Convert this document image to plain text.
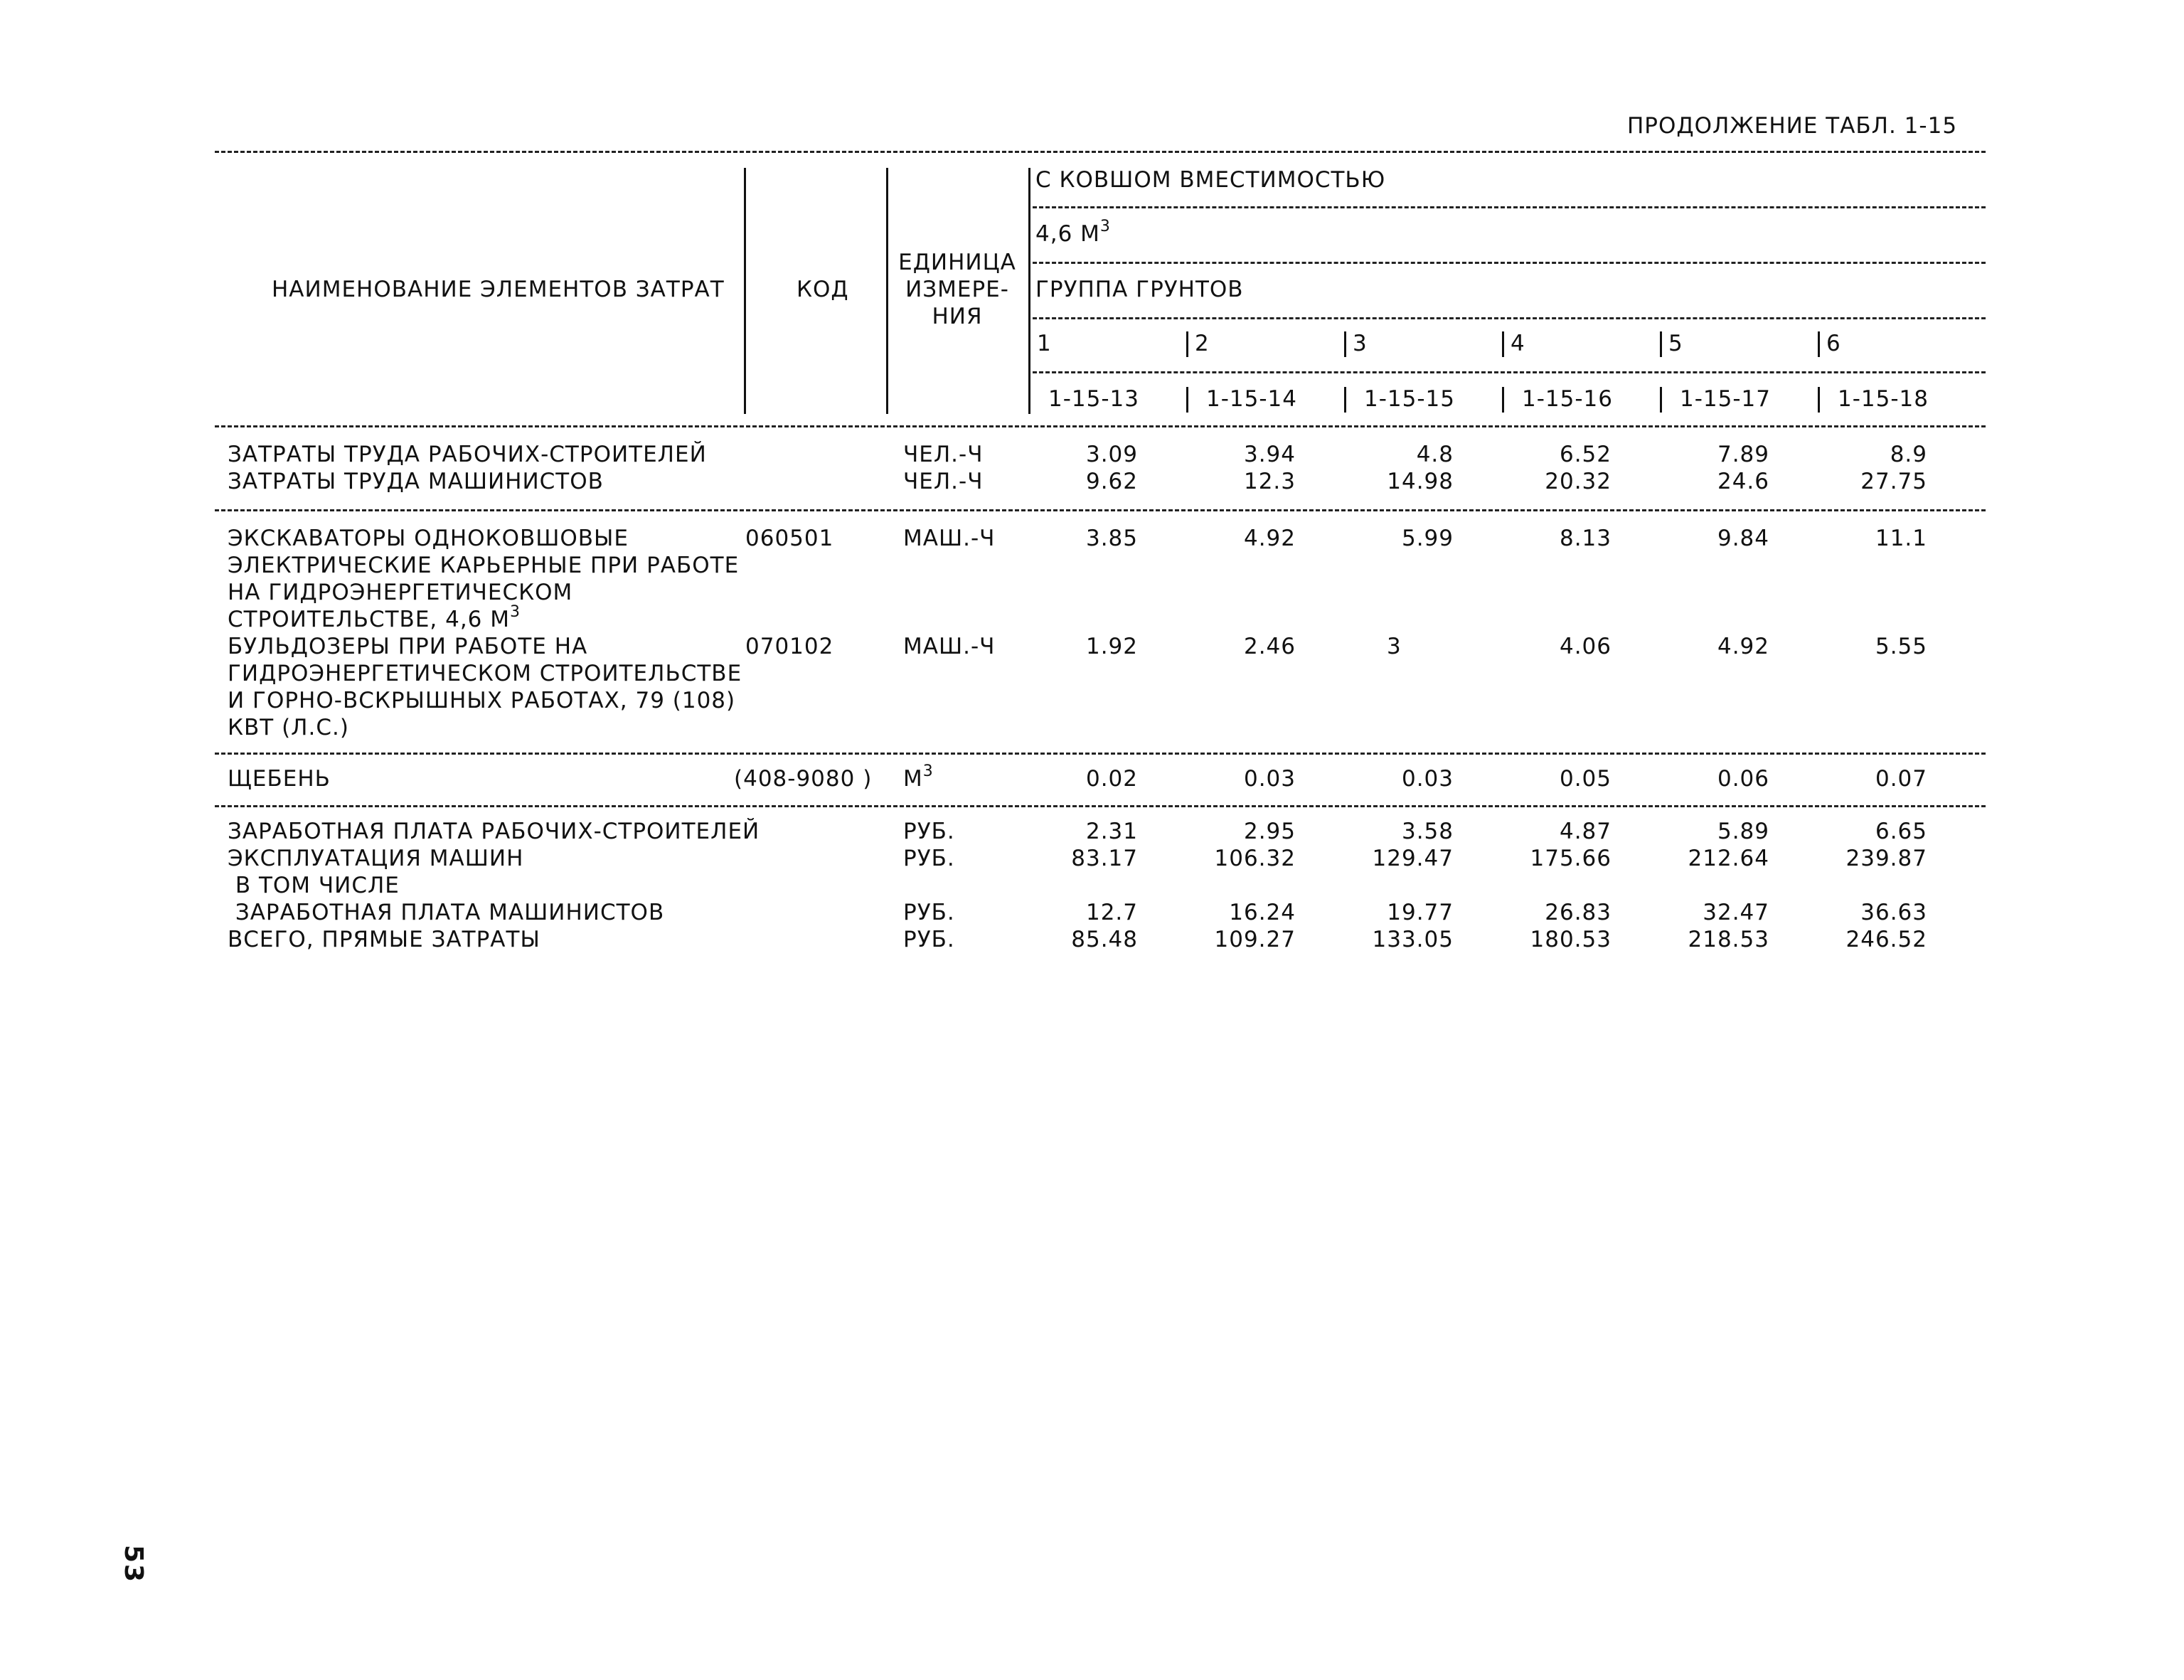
ПРОДОЛЖЕНИЕ ТАБЛ. 1-15
НАИМЕНОВАНИЕ ЭЛЕМЕНТОВ ЗАТРАТ	КОД
ЕДИНИЦА
ИЗМЕРЕ-
НИЯ
С КОВШОМ ВМЕСТИМОСТЬЮ
4,6 $М^3$
ГРУППА ГРУНТОВ
1	2	3	4	5	6
1-15-13	1-15-14	1-15-15	1-15-16	1-15-17	1-15-18
ЗАТРАТЫ ТРУДА РАБОЧИХ-СТРОИТЕЛЕЙ	ЧЕЛ.-Ч	3.09	3.94	4.8	6.52	7.89	8.9
ЗАТРАТЫ ТРУДА МАШИНИСТОВ	ЧЕЛ.-Ч	9.62	12.3	14.98	20.32	24.6	27.75
ЭКСКАВАТОРЫ ОДНОКОВШОВЫЕ
ЭЛЕКТРИЧЕСКИЕ КАРЬЕРНЫЕ ПРИ РАБОТЕ
НА ГИДРОЭНЕРГЕТИЧЕСКОМ
СТРОИТЕЛЬСТВЕ, 4,6 $М^3$
060501	МАШ.-Ч	3.85	4.92	5.99	8.13	9.84	11.1
БУЛЬДОЗЕРЫ ПРИ РАБОТЕ НА
ГИДРОЭНЕРГЕТИЧЕСКОМ СТРОИТЕЛЬСТВЕ
И ГОРНО-ВСКРЫШНЫХ РАБОТАХ, 79 (108)
КВТ (Л.С.)
070102	МАШ.-Ч	1.92	2.46	3	4.06	4.92	5.55
ЩЕБЕНЬ	(408-9080 ) $М^3$	0.02	0.03	0.03	0.05	0.06	0.07
ЗАРАБОТНАЯ ПЛАТА РАБОЧИХ-СТРОИТЕЛЕЙ	РУБ.	2.31	2.95	3.58	4.87	5.89	6.65
ЭКСПЛУАТАЦИЯ МАШИН	РУБ.	83.17	106.32	129.47	175.66	212.64	239.87
В ТОМ ЧИСЛЕ
ЗАРАБОТНАЯ ПЛАТА МАШИНИСТОВ	РУБ.	12.7	16.24	19.77	26.83	32.47	36.63
ВСЕГО, ПРЯМЫЕ ЗАТРАТЫ	РУБ.	85.48	109.27	133.05	180.53	218.53	246.52
53
